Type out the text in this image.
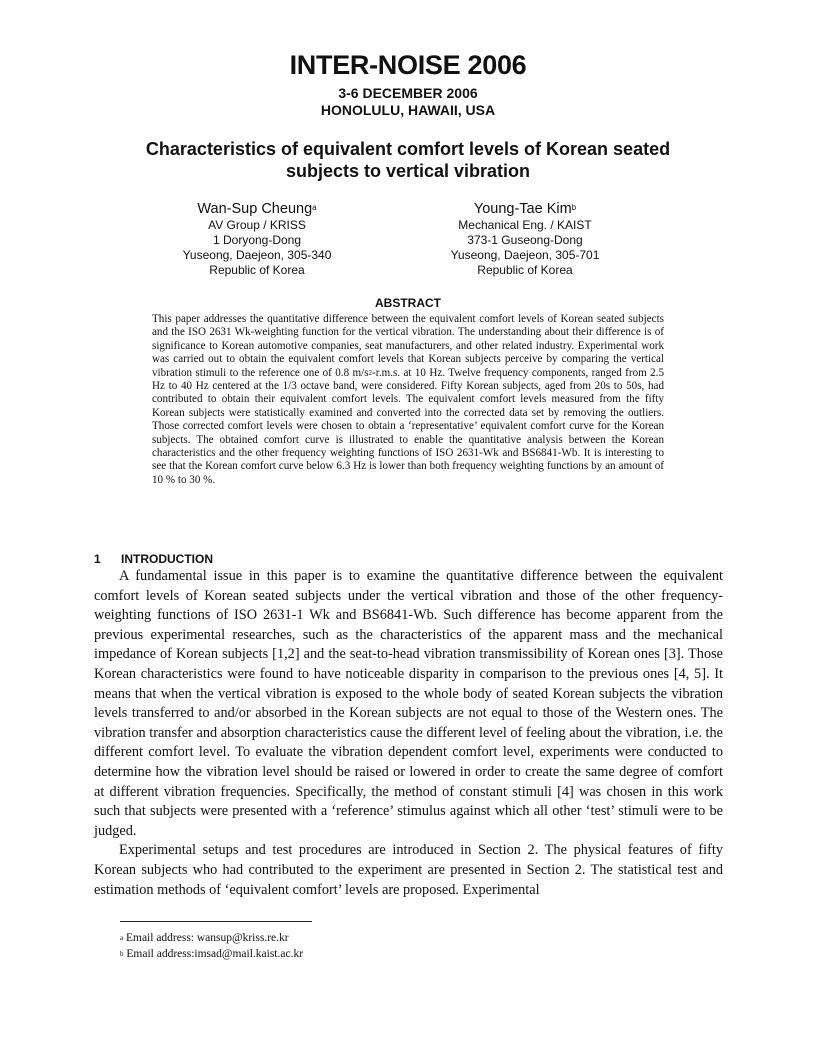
INTER-NOISE 2006
3-6 DECEMBER 2006
HONOLULU, HAWAII, USA
Characteristics of equivalent comfort levels of Korean seated subjects to vertical vibration
Wan-Sup Cheung$^a$
AV Group / KRISS
1 Doryong-Dong
Yuseong, Daejeon, 305-340
Republic of Korea
Young-Tae Kim$^b$
Mechanical Eng. / KAIST
373-1 Guseong-Dong
Yuseong, Daejeon, 305-701
Republic of Korea
ABSTRACT
This paper addresses the quantitative difference between the equivalent comfort levels of Korean seated subjects and the ISO 2631 Wk-weighting function for the vertical vibration. The understanding about their difference is of significance to Korean automotive companies, seat manufacturers, and other related industry. Experimental work was carried out to obtain the equivalent comfort levels that Korean subjects perceive by comparing the vertical vibration stimuli to the reference one of 0.8 $m/s^2-r.m.s$. at 10 Hz. Twelve frequency components, ranged from 2.5 Hz to 40 Hz centered at the 1/3 octave band, were considered. Fifty Korean subjects, aged from 20s to 50s, had contributed to obtain their equivalent comfort levels. The equivalent comfort levels measured from the fifty Korean subjects were statistically examined and converted into the corrected data set by removing the outliers. Those corrected comfort levels were chosen to obtain a ‘representative’ equivalent comfort curve for the Korean subjects. The obtained comfort curve is illustrated to enable the quantitative analysis between the Korean characteristics and the other frequency weighting functions of ISO 2631-Wk and BS6841-Wb. It is interesting to see that the Korean comfort curve below 6.3 Hz is lower than both frequency weighting functions by an amount of 10 % to 30 %.
1 INTRODUCTION

A fundamental issue in this paper is to examine the quantitative difference between the equivalent comfort levels of Korean seated subjects under the vertical vibration and those of the other frequency-weighting functions of ISO 2631-1 Wk and BS6841-Wb. Such difference has become apparent from the previous experimental researches, such as the characteristics of the apparent mass and the mechanical impedance of Korean subjects [1,2] and the seat-to-head vibration transmissibility of Korean ones [3]. Those Korean characteristics were found to have noticeable disparity in comparison to the previous ones [4, 5]. It means that when the vertical vibration is exposed to the whole body of seated Korean subjects the vibration levels transferred to and/or absorbed in the Korean subjects are not equal to those of the Western ones. The vibration transfer and absorption characteristics cause the different level of feeling about the vibration, i.e. the different comfort level. To evaluate the vibration dependent comfort level, experiments were conducted to determine how the vibration level should be raised or lowered in order to create the same degree of comfort at different vibration frequencies. Specifically, the method of constant stimuli [4] was chosen in this work such that subjects were presented with a ‘reference’ stimulus against which all other ‘test’ stimuli were to be judged.

Experimental setups and test procedures are introduced in Section 2. The physical features of fifty Korean subjects who had contributed to the experiment are presented in Section 2. The statistical test and estimation methods of ‘equivalent comfort’ levels are proposed. Experimental

$^a$ Email address: wansup@kriss.re.kr
$^b$ Email address:imsad@mail.kaist.ac.kr
